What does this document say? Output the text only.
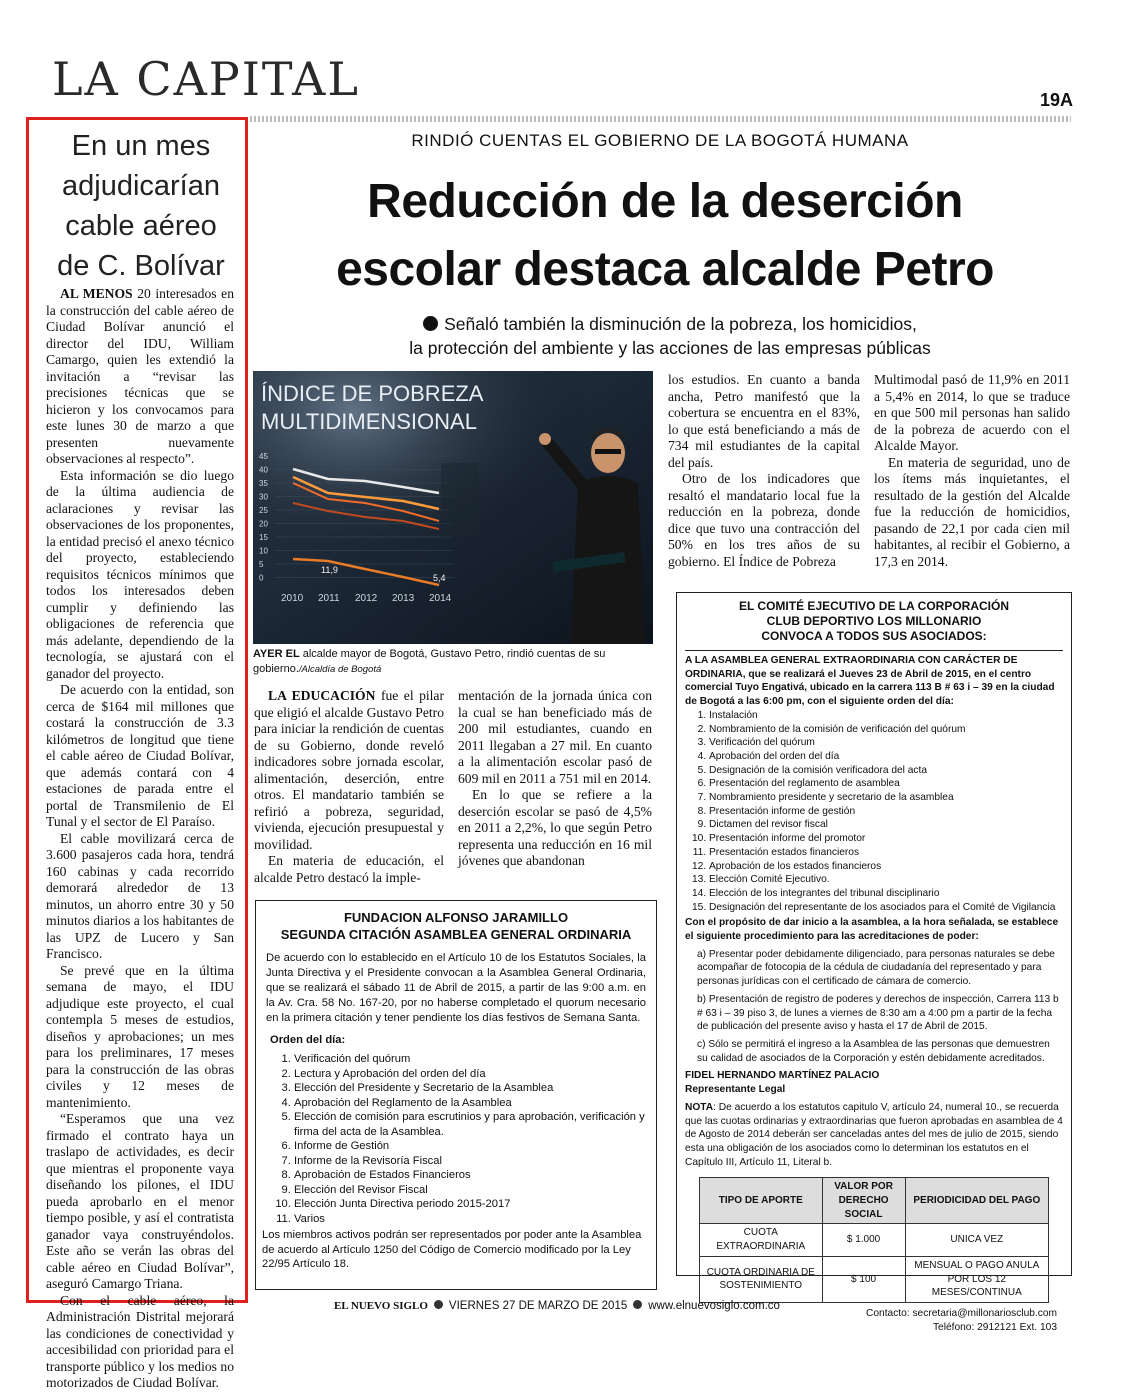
LA CAPITAL	19A
En un mes adjudicarían cable aéreo de C. Bolívar

AL MENOS 20 interesados en la construcción del cable aéreo de Ciudad Bolívar anunció el director del IDU, William Camargo, quien les extendió la invitación a “revisar las precisiones técnicas que se hicieron y los convocamos para este lunes 30 de marzo a que presenten nuevamente observaciones al respecto”.

Esta información se dio luego de la última audiencia de aclaraciones y revisar las observaciones de los proponentes, la entidad precisó el anexo técnico del proyecto, estableciendo requisitos técnicos mínimos que todos los interesados deben cumplir y definiendo las obligaciones de referencia que más adelante, dependiendo de la tecnología, se ajustará con el ganador del proyecto.

De acuerdo con la entidad, son cerca de $164 mil millones que costará la construcción de 3.3 kilómetros de longitud que tiene el cable aéreo de Ciudad Bolívar, que además contará con 4 estaciones de parada entre el portal de Transmilenio de El Tunal y el sector de El Paraíso.

El cable movilizará cerca de 3.600 pasajeros cada hora, tendrá 160 cabinas y cada recorrido demorará alrededor de 13 minutos, un ahorro entre 30 y 50 minutos diarios a los habitantes de las UPZ de Lucero y San Francisco.

Se prevé que en la última semana de mayo, el IDU adjudique este proyecto, el cual contempla 5 meses de estudios, diseños y aprobaciones; un mes para los preliminares, 17 meses para la construcción de las obras civiles y 12 meses de mantenimiento.

“Esperamos que una vez firmado el contrato haya un traslapo de actividades, es decir que mientras el proponente vaya diseñando los pilones, el IDU pueda aprobarlo en el menor tiempo posible, y así el contratista ganador vaya construyéndolos. Este año se verán las obras del cable aéreo en Ciudad Bolívar”, aseguró Camargo Triana.

Con el cable aéreo, la Administración Distrital mejorará las condiciones de conectividad y accesibilidad con prioridad para el transporte público y los medios no motorizados de Ciudad Bolívar.

RINDIÓ CUENTAS EL GOBIERNO DE LA BOGOTÁ HUMANA
Reducción de la deserción
escolar destaca alcalde Petro
Señaló también la disminución de la pobreza, los homicidios,
la protección del ambiente y las acciones de las empresas públicas
ÍNDICE DE POBREZA
MULTIDIMENSIONAL
45
40
35
30
25
20
15
10
5
0
2010 2011 2012 2013 2014
11,9
5,4
AYER EL alcalde mayor de Bogotá, Gustavo Petro, rindió cuentas de su gobierno./Alcaldía de Bogotá

LA EDUCACIÓN fue el pilar que eligió el alcalde Gustavo Petro para iniciar la rendición de cuentas de su Gobierno, donde reveló indicadores sobre jornada escolar, alimentación, deserción, entre otros. El mandatario también se refirió a pobreza, seguridad, vivienda, ejecución presupuestal y movilidad.

En materia de educación, el alcalde Petro destacó la imple-

mentación de la jornada única con la cual se han beneficiado más de 200 mil estudiantes, cuando en 2011 llegaban a 27 mil. En cuanto a la alimentación escolar pasó de 609 mil en 2011 a 751 mil en 2014.

En lo que se refiere a la deserción escolar se pasó de 4,5% en 2011 a 2,2%, lo que según Petro representa una reducción en 16 mil jóvenes que abandonan

los estudios. En cuanto a banda ancha, Petro manifestó que la cobertura se encuentra en el 83%, lo que está beneficiando a más de 734 mil estudiantes de la capital del país.

Otro de los indicadores que resaltó el mandatario local fue la reducción en la pobreza, donde dice que tuvo una contracción del 50% en los tres años de su gobierno. El Índice de Pobreza

Multimodal pasó de 11,9% en 2011 a 5,4% en 2014, lo que se traduce en que 500 mil personas han salido de la pobreza de acuerdo con el Alcalde Mayor.

En materia de seguridad, uno de los ítems más inquietantes, el resultado de la gestión del Alcalde fue la reducción de homicidios, pasando de 22,1 por cada cien mil habitantes, al recibir el Gobierno, a 17,3 en 2014.

EL COMITÉ EJECUTIVO DE LA CORPORACIÓN
CLUB DEPORTIVO LOS MILLONARIO
CONVOCA A TODOS SUS ASOCIADOS:
A LA ASAMBLEA GENERAL EXTRAORDINARIA CON CARÁCTER DE ORDINARIA, que se realizará el Jueves 23 de Abril de 2015, en el centro comercial Tuyo Engativá, ubicado en la carrera 113 B # 63 i – 39 en la ciudad de Bogotá a las 6:00 pm, con el siguiente orden del día:
1. Instalación
2. Nombramiento de la comisión de verificación del quórum
3. Verificación del quórum
4. Aprobación del orden del día
5. Designación de la comisión verificadora del acta
6. Presentación del reglamento de asamblea
7. Nombramiento presidente y secretario de la asamblea
8. Presentación informe de gestión
9. Dictamen del revisor fiscal
10. Presentación informe del promotor
11. Presentación estados financieros
12. Aprobación de los estados financieros
13. Elección Comité Ejecutivo.
14. Elección de los integrantes del tribunal disciplinario
15. Designación del representante de los asociados para el Comité de Vigilancia
Con el propósito de dar inicio a la asamblea, a la hora señalada, se establece el siguiente procedimiento para las acreditaciones de poder:
a) Presentar poder debidamente diligenciado, para personas naturales se debe acompañar de fotocopia de la cédula de ciudadanía del representado y para personas jurídicas con el certificado de cámara de comercio.
b) Presentación de registro de poderes y derechos de inspección, Carrera 113 b # 63 i – 39 piso 3, de lunes a viernes de 8:30 am a 4:00 pm a partir de la fecha de publicación del presente aviso y hasta el 17 de Abril de 2015.
c) Sólo se permitirá el ingreso a la Asamblea de las personas que demuestren su calidad de asociados de la Corporación y estén debidamente acreditados.
FIDEL HERNANDO MARTÍNEZ PALACIO
Representante Legal
NOTA: De acuerdo a los estatutos capitulo V, artículo 24, numeral 10., se recuerda que las cuotas ordinarias y extraordinarias que fueron aprobadas en asamblea de 4 de Agosto de 2014 deberán ser canceladas antes del mes de julio de 2015, siendo esta una obligación de los asociados como lo determinan los estatutos en el Capítulo III, Artículo 11, Literal b.
TIPO DE APORTE	VALOR POR DERECHO SOCIAL	PERIODICIDAD DEL PAGO
CUOTA EXTRAORDINARIA	$ 1.000	UNICA VEZ
CUOTA ORDINARIA DE SOSTENIMIENTO	$ 100	MENSUAL O PAGO ANULA POR LOS 12 MESES/CONTINUA
Contacto: secretaria@millonariosclub.com
Teléfono: 2912121 Ext. 103
FUNDACION ALFONSO JARAMILLO
SEGUNDA CITACIÓN ASAMBLEA GENERAL ORDINARIA
De acuerdo con lo establecido en el Artículo 10 de los Estatutos Sociales, la Junta Directiva y el Presidente convocan a la Asamblea General Ordinaria, que se realizará el sábado 11 de Abril de 2015, a partir de las 9:00 a.m. en la Av. Cra. 58 No. 167-20, por no haberse completado el quorum necesario en la primera citación y tener pendiente los días festivos de Semana Santa.
Orden del día:
1. Verificación del quórum
2. Lectura y Aprobación del orden del día
3. Elección del Presidente y Secretario de la Asamblea
4. Aprobación del Reglamento de la Asamblea
5. Elección de comisión para escrutinios y para aprobación, verificación y firma del acta de la Asamblea.
6. Informe de Gestión
7. Informe de la Revisoría Fiscal
8. Aprobación de Estados Financieros
9. Elección del Revisor Fiscal
10. Elección Junta Directiva periodo 2015-2017
11. Varios
Los miembros activos podrán ser representados por poder ante la Asamblea de acuerdo al Artículo 1250 del Código de Comercio modificado por la Ley 22/95 Artículo 18.
EL NUEVO SIGLO VIERNES 27 DE MARZO DE 2015 www.elnuevosiglo.com.co
